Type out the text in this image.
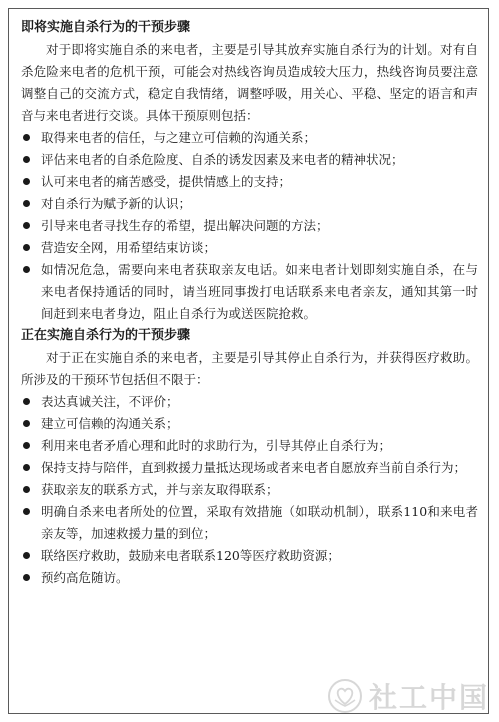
即将实施自杀行为的干预步骤

对于即将实施自杀的来电者，主要是引导其放弃实施自杀行为的计划。对有自杀危险来电者的危机干预，可能会对热线咨询员造成较大压力，热线咨询员要注意调整自己的交流方式，稳定自我情绪，调整呼吸，用关心、平稳、坚定的语言和声音与来电者进行交谈。具体干预原则包括：

取得来电者的信任，与之建立可信赖的沟通关系；
评估来电者的自杀危险度、自杀的诱发因素及来电者的精神状况；
认可来电者的痛苦感受，提供情感上的支持；
对自杀行为赋予新的认识；
引导来电者寻找生存的希望，提出解决问题的方法；
营造安全网，用希望结束访谈；
如情况危急，需要向来电者获取亲友电话。如来电者计划即刻实施自杀，在与来电者保持通话的同时，请当班同事拨打电话联系来电者亲友，通知其第一时间赶到来电者身边，阻止自杀行为或送医院抢救。

正在实施自杀行为的干预步骤

对于正在实施自杀的来电者，主要是引导其停止自杀行为，并获得医疗救助。所涉及的干预环节包括但不限于：

表达真诚关注，不评价；
建立可信赖的沟通关系；
利用来电者矛盾心理和此时的求助行为，引导其停止自杀行为；
保持支持与陪伴，直到救援力量抵达现场或者来电者自愿放弃当前自杀行为；
获取亲友的联系方式，并与亲友取得联系；
明确自杀来电者所处的位置，采取有效措施（如联动机制），联系110和来电者亲友等，加速救援力量的到位；
联络医疗救助，鼓励来电者联系120等医疗救助资源；
预约高危随访。
社工中国
